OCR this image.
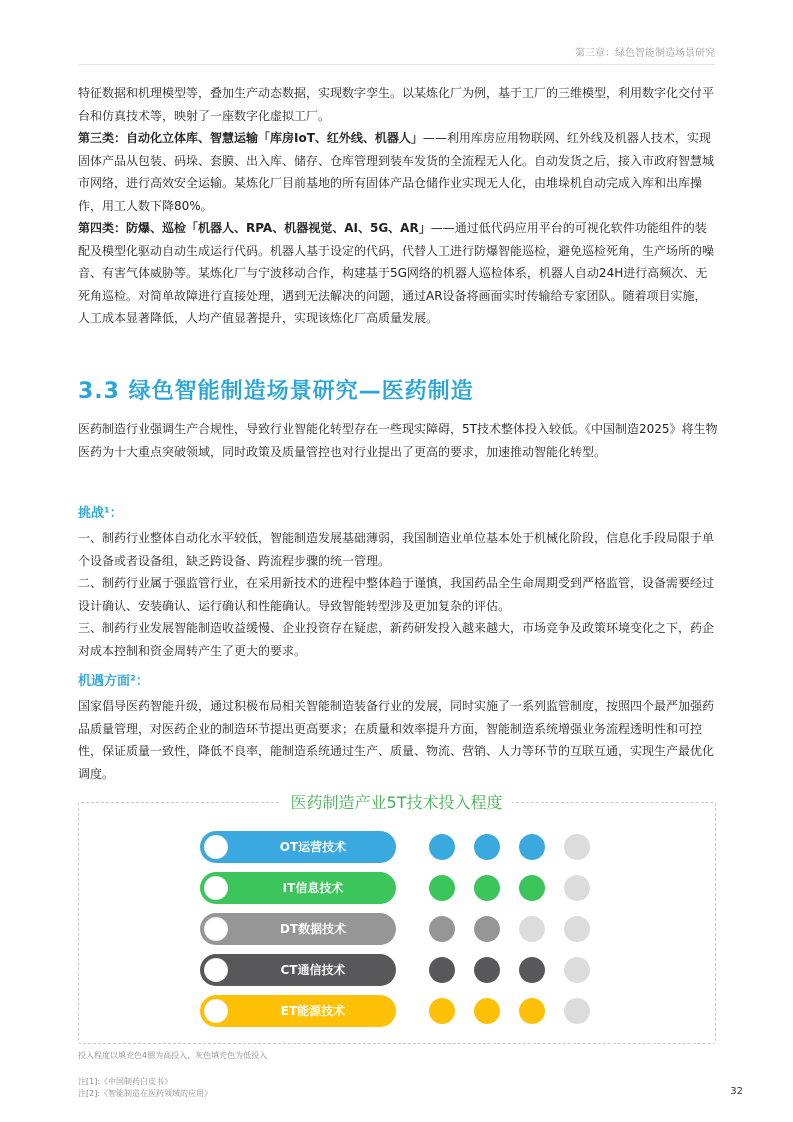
第三章：绿色智能制造场景研究

特征数据和机理模型等，叠加生产动态数据，实现数字孪生。以某炼化厂为例，基于工厂的三维模型，利用数字化交付平台和仿真技术等，映射了一座数字化虚拟工厂。

第三类：自动化立体库、智慧运输「库房IoT、红外线、机器人」——利用库房应用物联网、红外线及机器人技术，实现固体产品从包装、码垛、套膜、出入库、储存、仓库管理到装车发货的全流程无人化。自动发货之后，接入市政府智慧城市网络，进行高效安全运输。某炼化厂目前基地的所有固体产品仓储作业实现无人化，由堆垛机自动完成入库和出库操作，用工人数下降80%。

第四类：防爆、巡检「机器人、RPA、机器视觉、AI、5G、AR」——通过低代码应用平台的可视化软件功能组件的装配及模型化驱动自动生成运行代码。机器人基于设定的代码，代替人工进行防爆智能巡检，避免巡检死角，生产场所的噪音、有害气体威胁等。某炼化厂与宁波移动合作，构建基于5G网络的机器人巡检体系，机器人自动24H进行高频次、无死角巡检。对简单故障进行直接处理，遇到无法解决的问题，通过AR设备将画面实时传输给专家团队。随着项目实施，人工成本显著降低，人均产值显著提升，实现该炼化厂高质量发展。

3.3 绿色智能制造场景研究—医药制造

医药制造行业强调生产合规性，导致行业智能化转型存在一些现实障碍，5T技术整体投入较低。《中国制造2025》将生物医药为十大重点突破领域，同时政策及质量管控也对行业提出了更高的要求，加速推动智能化转型。

挑战¹：

一、制药行业整体自动化水平较低，智能制造发展基础薄弱，我国制造业单位基本处于机械化阶段，信息化手段局限于单个设备或者设备组，缺乏跨设备、跨流程步骤的统一管理。

二、制药行业属于强监管行业，在采用新技术的进程中整体趋于谨慎，我国药品全生命周期受到严格监管，设备需要经过设计确认、安装确认、运行确认和性能确认。导致智能转型涉及更加复杂的评估。

三、制药行业发展智能制造收益缓慢、企业投资存在疑虑，新药研发投入越来越大，市场竞争及政策环境变化之下，药企对成本控制和资金周转产生了更大的要求。

机遇方面²：

国家倡导医药智能升级，通过积极布局相关智能制造装备行业的发展，同时实施了一系列监管制度，按照四个最严加强药品质量管理，对医药企业的制造环节提出更高要求；在质量和效率提升方面，智能制造系统增强业务流程透明性和可控性，保证质量一致性，降低不良率，能制造系统通过生产、质量、物流、营销、人力等环节的互联互通，实现生产最优化调度。

医药制造产业5T技术投入程度
OT运营技术
IT信息技术
DT数据技术
CT通信技术
ET能源技术

投入程度以填充色4圈为高投入，灰色填充色为低投入

注[1]:《中国制药白皮书》

注[2]:《智能制造在医药领域的应用》	32
